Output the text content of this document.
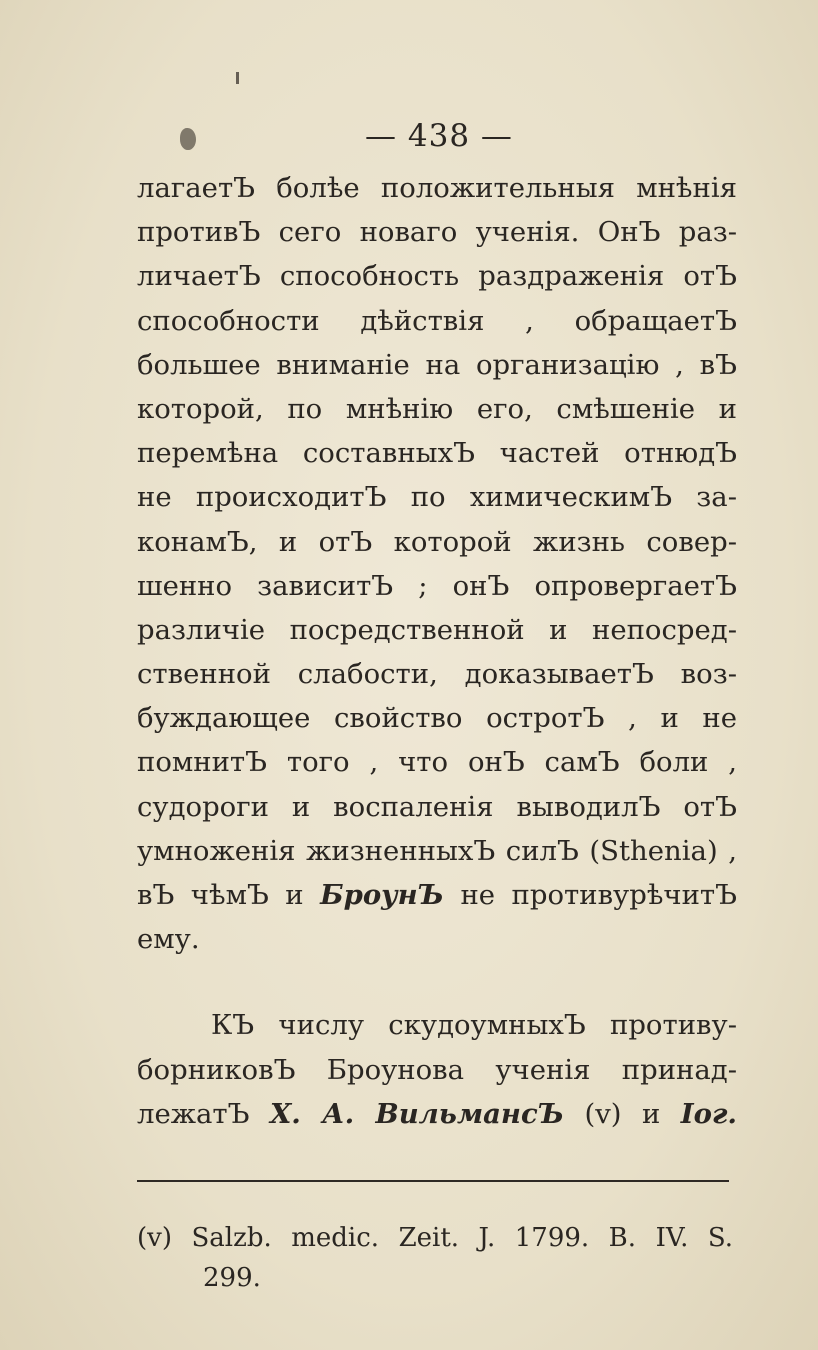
— 438 —
лагаетЪ болѣе положительныя мнѣнія
противЪ сего новаго ученія. ОнЪ раз-
личаетЪ способность раздраженія отЪ
способности дѣйствія , обращаетЪ
большее вниманіе на организацію , вЪ
которой, по мнѣнію его, смѣшеніе и
перемѣна составныхЪ частей отнюдЪ
не происходитЪ по химическимЪ за-
конамЪ, и отЪ которой жизнь совер-
шенно зависитЪ ; онЪ опровергаетЪ
различіе посредственной и непосред-
ственной слабости, доказываетЪ воз-
буждающее свойство остротЪ , и не
помнитЪ того , что онЪ самЪ боли ,
судороги и воспаленія выводилЪ отЪ
умноженія жизненныхЪ силЪ (Sthenia) ,
вЪ чѣмЪ и БроунЪ не противурѣчитЪ
ему.
КЪ числу скудоумныхЪ противу-
борниковЪ Броунова ученія принад-
лежатЪ Х. А. ВильмансЪ (v) и Іог.
(v) Salzb. medic. Zeit. J. 1799. B. IV. S.
299.
